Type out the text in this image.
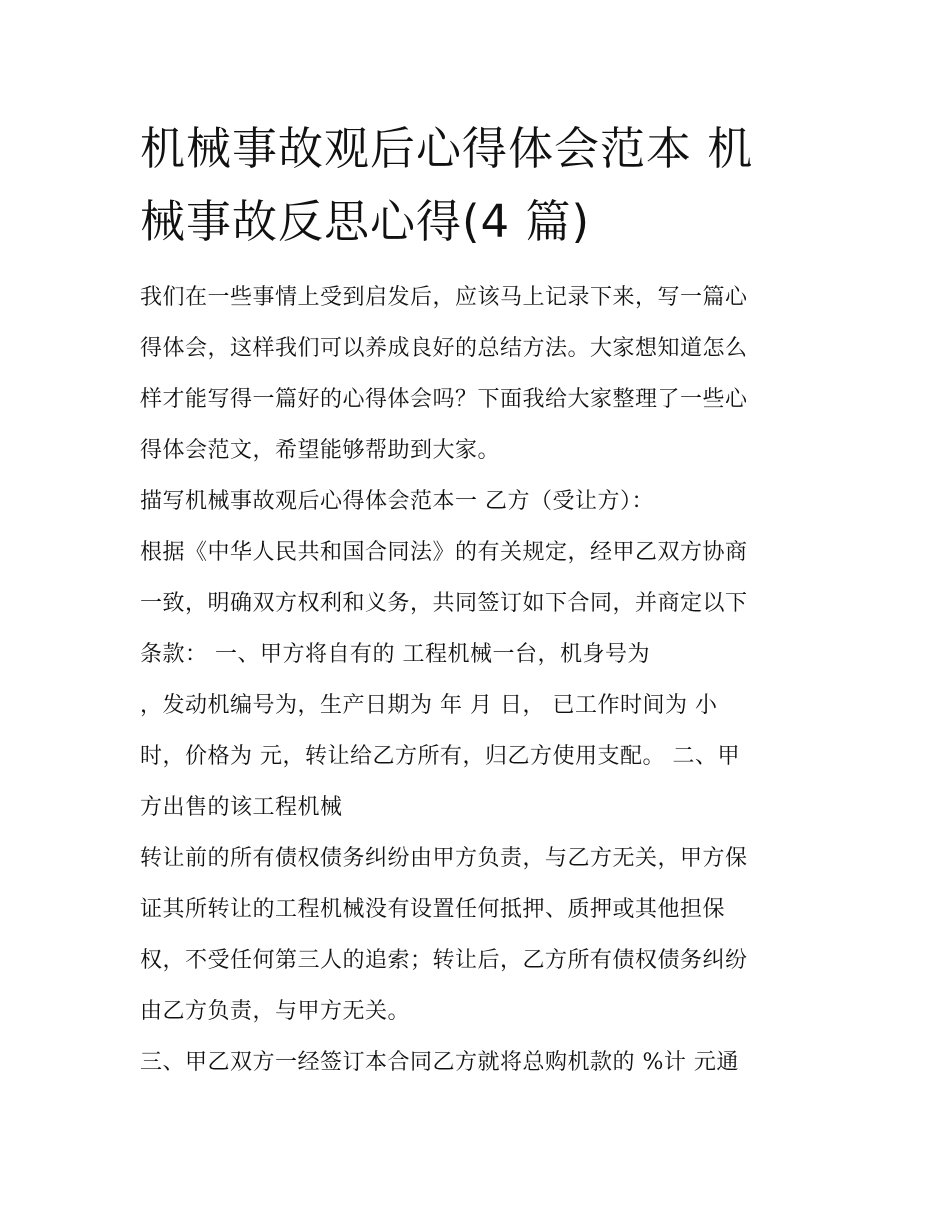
机械事故观后心得体会范本 机
械事故反思心得(4 篇)
我们在一些事情上受到启发后，应该马上记录下来，写一篇心
得体会，这样我们可以养成良好的总结方法。大家想知道怎么
样才能写得一篇好的心得体会吗？下面我给大家整理了一些心
得体会范文，希望能够帮助到大家。
描写机械事故观后心得体会范本一 乙方（受让方）：
根据《中华人民共和国合同法》的有关规定，经甲乙双方协商
一致，明确双方权利和义务，共同签订如下合同，并商定以下
条款： 一、甲方将自有的 工程机械一台，机身号为
，发动机编号为，生产日期为 年 月 日， 已工作时间为 小
时，价格为 元，转让给乙方所有，归乙方使用支配。 二、甲
方出售的该工程机械
转让前的所有债权债务纠纷由甲方负责，与乙方无关，甲方保
证其所转让的工程机械没有设置任何抵押、质押或其他担保
权，不受任何第三人的追索；转让后，乙方所有债权债务纠纷
由乙方负责，与甲方无关。
三、甲乙双方一经签订本合同乙方就将总购机款的 %计 元通
